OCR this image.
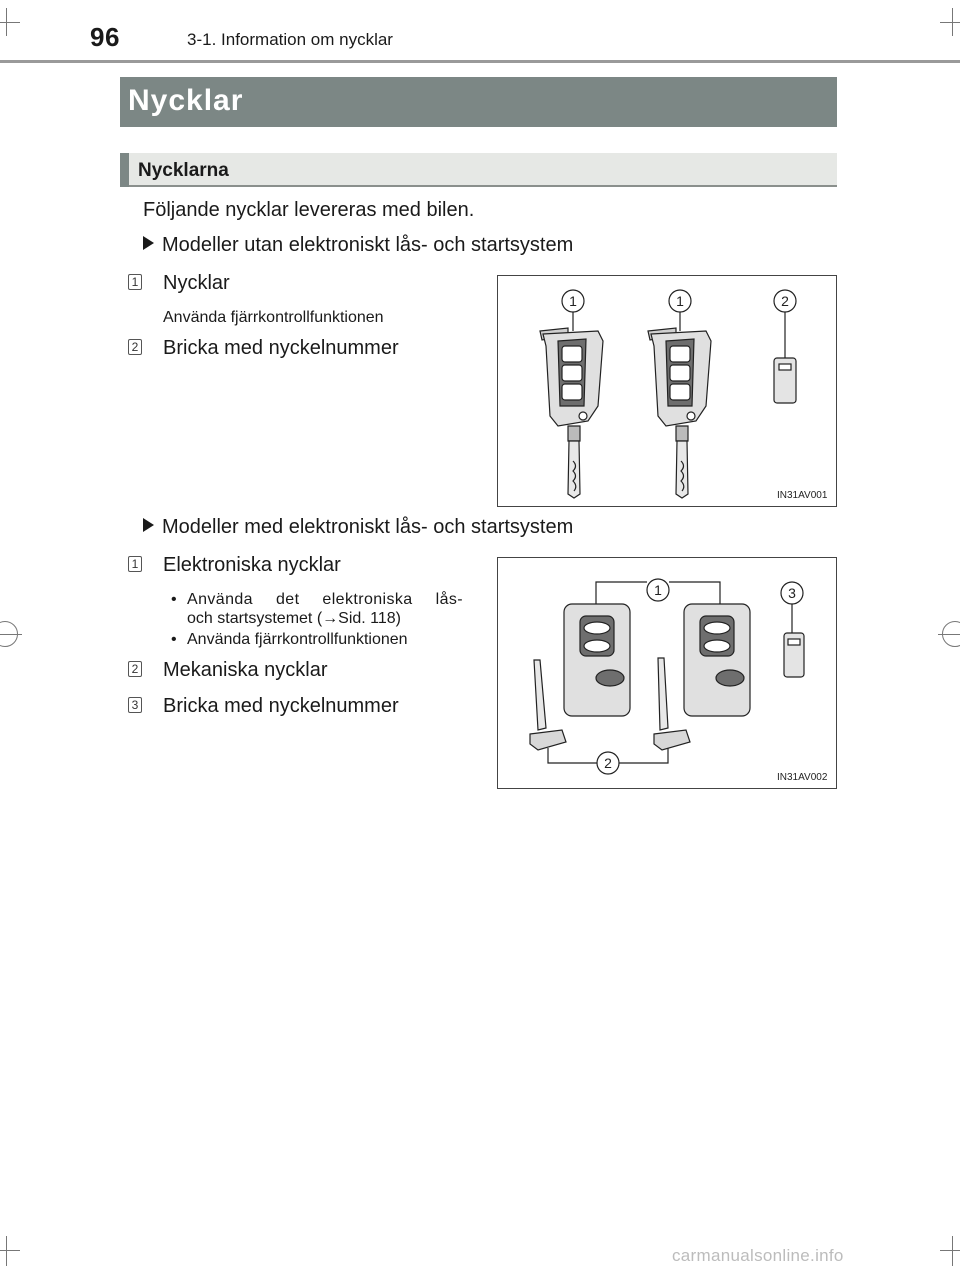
96	3-1. Information om nycklar
Nycklar
Nycklarna
Följande nycklar levereras med bilen.
Modeller utan elektroniskt lås- och startsystem
1 Nycklar
Använda fjärrkontrollfunktionen
2 Bricka med nyckelnummer
1	1	2
IN31AV001
Modeller med elektroniskt lås- och startsystem
1 Elektroniska nycklar
• Använda det elektroniska lås-
och startsystemet (→Sid. 118)
• Använda fjärrkontrollfunktionen
2 Mekaniska nycklar
3 Bricka med nyckelnummer
1
2
3
IN31AV002
carmanualsonline.info
